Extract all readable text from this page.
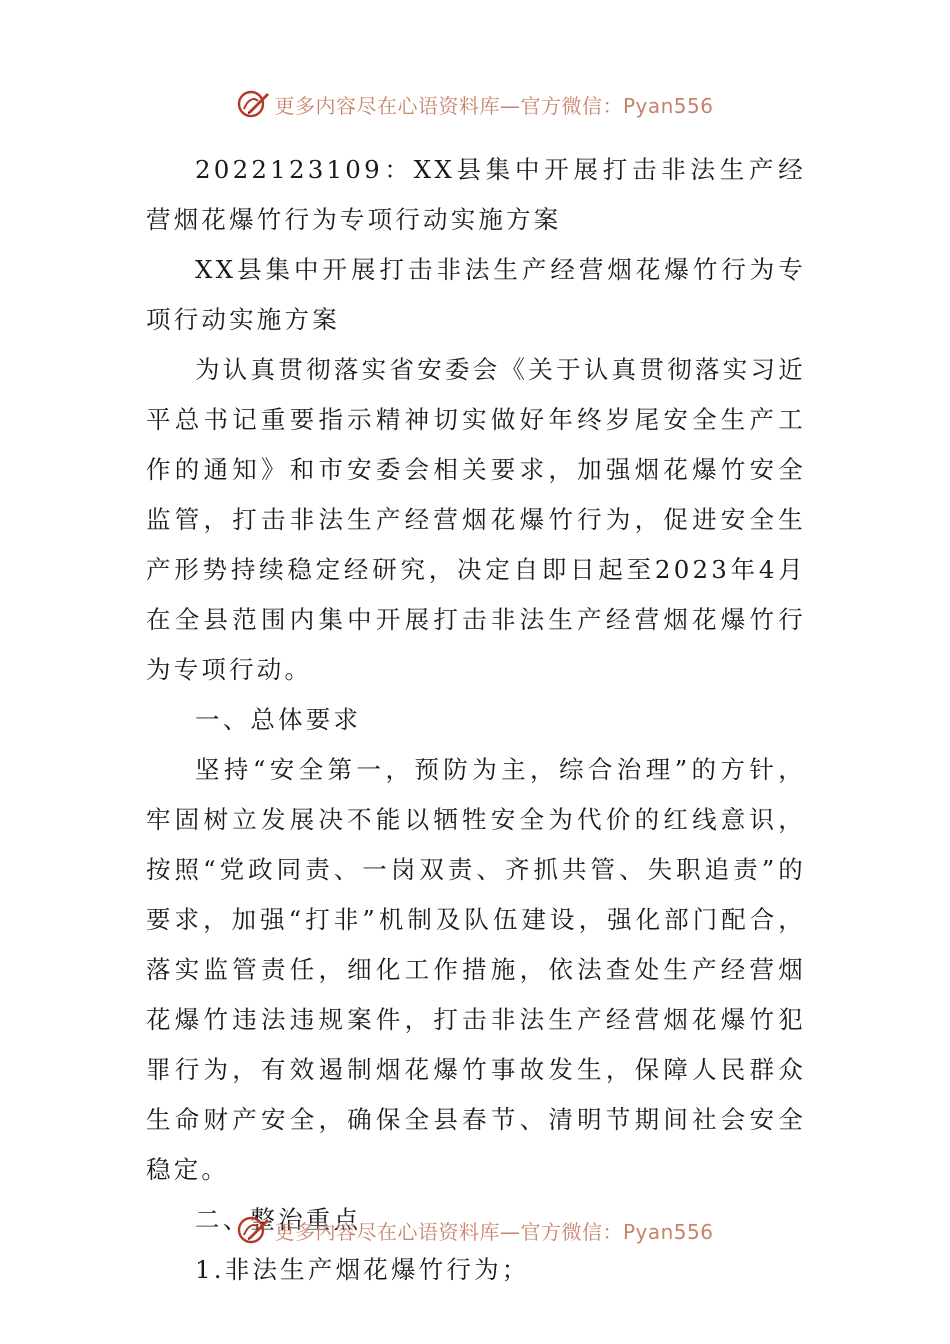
更多内容尽在心语资料库—官方微信：Pyan556

2022123109：XX县集中开展打击非法生产经营烟花爆竹行为专项行动实施方案

XX县集中开展打击非法生产经营烟花爆竹行为专项行动实施方案

为认真贯彻落实省安委会《关于认真贯彻落实习近平总书记重要指示精神切实做好年终岁尾安全生产工作的通知》和市安委会相关要求，加强烟花爆竹安全监管，打击非法生产经营烟花爆竹行为，促进安全生产形势持续稳定经研究，决定自即日起至2023年4月在全县范围内集中开展打击非法生产经营烟花爆竹行为专项行动。

一、总体要求

坚持“安全第一，预防为主，综合治理”的方针，牢固树立发展决不能以牺牲安全为代价的红线意识，按照“党政同责、一岗双责、齐抓共管、失职追责”的要求，加强“打非”机制及队伍建设，强化部门配合，落实监管责任，细化工作措施，依法查处生产经营烟花爆竹违法违规案件，打击非法生产经营烟花爆竹犯罪行为，有效遏制烟花爆竹事故发生，保障人民群众生命财产安全，确保全县春节、清明节期间社会安全稳定。

二、整治重点

1.非法生产烟花爆竹行为；

更多内容尽在心语资料库—官方微信：Pyan556
